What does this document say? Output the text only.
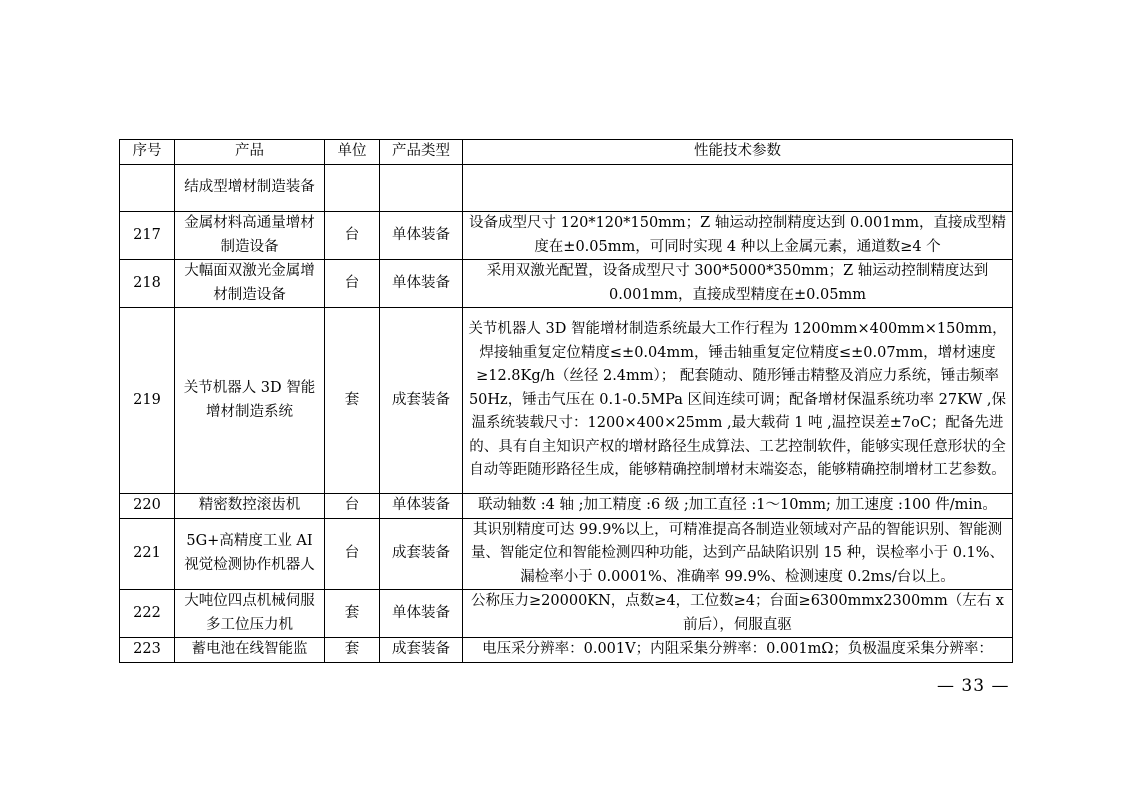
序号	产品	单位	产品类型	性能技术参数
	结成型增材制造装备			
217	金属材料高通量增材制造设备	台	单体装备	设备成型尺寸 120*120*150mm；Z 轴运动控制精度达到 0.001mm，直接成型精度在±0.05mm，可同时实现 4 种以上金属元素，通道数≥4 个
218	大幅面双激光金属增材制造设备	台	单体装备	采用双激光配置，设备成型尺寸 300*5000*350mm；Z 轴运动控制精度达到 0.001mm，直接成型精度在±0.05mm
219	关节机器人 3D 智能增材制造系统	套	成套装备	关节机器人 3D 智能增材制造系统最大工作行程为 1200mm×400mm×150mm，焊接轴重复定位精度≤±0.04mm，锤击轴重复定位精度≤±0.07mm，增材速度≥12.8Kg/h（丝径 2.4mm）； 配套随动、随形锤击精整及消应力系统，锤击频率 50Hz，锤击气压在 0.1-0.5MPa 区间连续可调；配备增材保温系统功率 27KW ,保温系统装载尺寸：1200×400×25mm ,最大载荷 1 吨 ,温控误差±7oC；配备先进的、具有自主知识产权的增材路径生成算法、工艺控制软件，能够实现任意形状的全自动等距随形路径生成，能够精确控制增材末端姿态，能够精确控制增材工艺参数。
220	精密数控滚齿机	台	单体装备	联动轴数 :4 轴 ;加工精度 :6 级 ;加工直径 :1～10mm; 加工速度 :100 件/min。
221	5G+高精度工业 AI 视觉检测协作机器人	台	成套装备	其识别精度可达 99.9%以上，可精准提高各制造业领域对产品的智能识别、智能测量、智能定位和智能检测四种功能，达到产品缺陷识别 15 种，误检率小于 0.1%、漏检率小于 0.0001%、准确率 99.9%、检测速度 0.2ms/台以上。
222	大吨位四点机械伺服多工位压力机	套	单体装备	公称压力≥20000KN，点数≥4，工位数≥4；台面≥6300mmx2300mm（左右 x 前后），伺服直驱
223	蓄电池在线智能监	套	成套装备	电压采分辨率：0.001V；内阻采集分辨率：0.001mΩ；负极温度采集分辨率：
— 33 —
